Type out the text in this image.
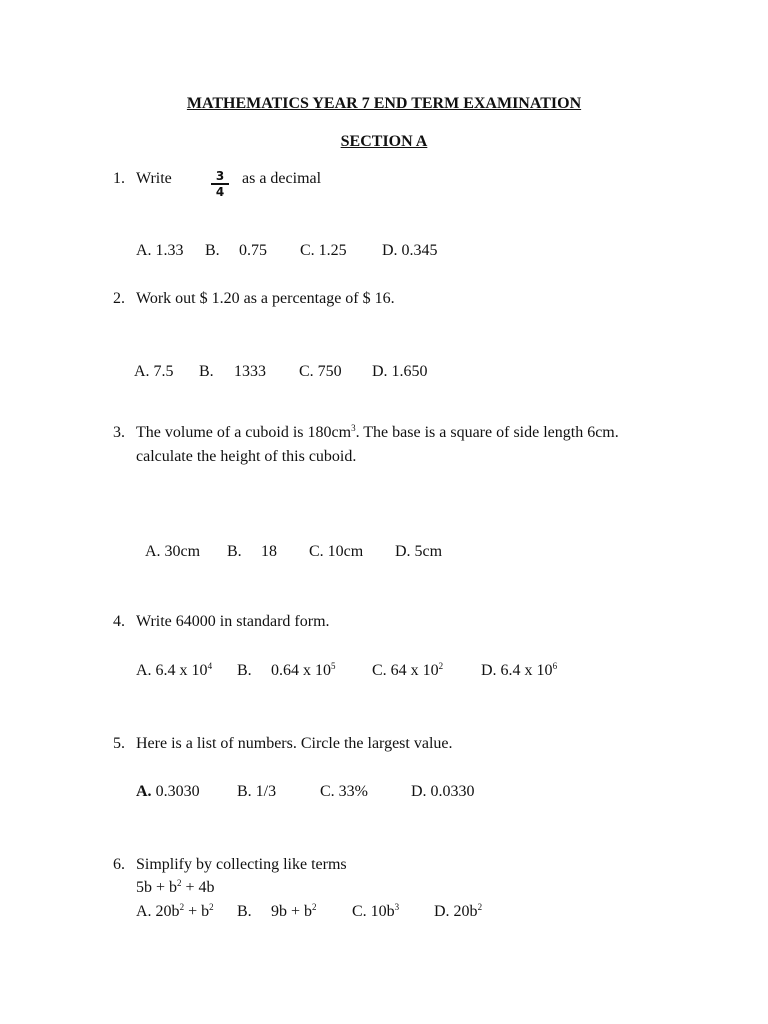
MATHEMATICS YEAR 7 END TERM EXAMINATION
SECTION A
1. Write	3
4
as a decimal
A. 1.33 B. 0.75 C. 1.25 D. 0.345
2. Work out $ 1.20 as a percentage of $ 16.
A. 7.5 B. 1333 C. 750 D. 1.650
3. The volume of a cuboid is $180cm^3$. The base is a square of side length 6cm.
calculate the height of this cuboid.
A. 30cm B. 18 C. 10cm D. 5cm
4. Write 64000 in standard form.
A. 6.4 x $10^4$ B. 0.64 x $10^5$ C. 64 x $10^2$ D. 6.4 x $10^6$
5. Here is a list of numbers. Circle the largest value.
A. 0.3030 B. 1/3	C. 33%	D. 0.0330
6. Simplify by collecting like terms
$5b + b^2 + 4b$
A. $20b^2 + b^2$ B. $9b + b^2$ C. $10b^3$ D. $20b^2$
